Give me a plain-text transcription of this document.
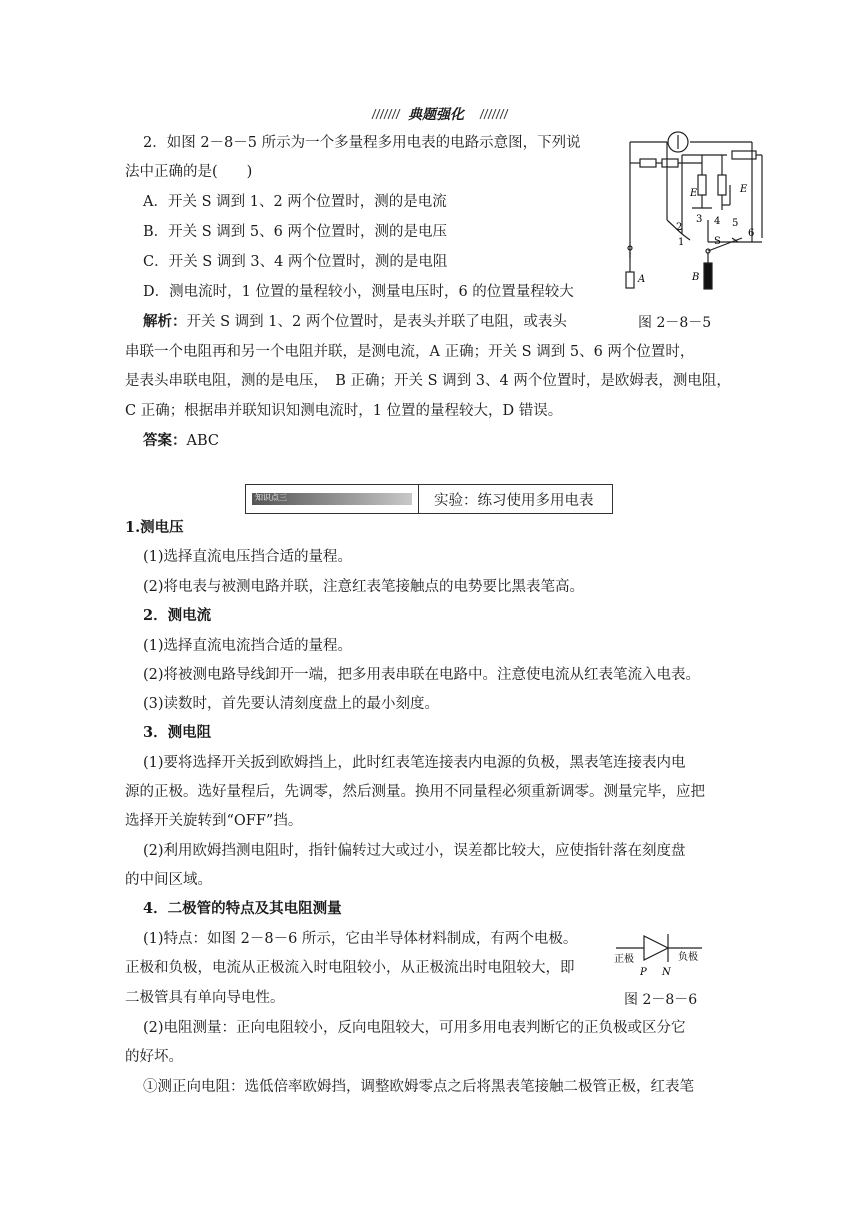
典题强化
2．如图 2－8－5 所示为一个多量程多用电表的电路示意图，下列说
法中正确的是(　　)
A．开关 S 调到 1、2 两个位置时，测的是电流
B．开关 S 调到 5、6 两个位置时，测的是电压
C．开关 S 调到 3、4 两个位置时，测的是电阻
D．测电流时，1 位置的量程较小，测量电压时，6 的位置量程较大
解析：开关 S 调到 1、2 两个位置时，是表头并联了电阻，或表头
串联一个电阻再和另一个电阻并联，是测电流，A 正确；开关 S 调到 5、6 两个位置时，
是表头串联电阻，测的是电压，　B 正确；开关 S 调到 3、4 两个位置时，是欧姆表，测电阻，
C 正确；根据串并联知识知测电流时，1 位置的量程较大，D 错误。
答案：ABC
E	E
1
2
3 4 5
6
S
A	B
图 2－8－5
知识点三	实验：练习使用多用电表
1.测电压
(1)选择直流电压挡合适的量程。
(2)将电表与被测电路并联，注意红表笔接触点的电势要比黑表笔高。
2．测电流
(1)选择直流电流挡合适的量程。
(2)将被测电路导线卸开一端，把多用表串联在电路中。注意使电流从红表笔流入电表。
(3)读数时，首先要认清刻度盘上的最小刻度。
3．测电阻
(1)要将选择开关扳到欧姆挡上，此时红表笔连接表内电源的负极，黑表笔连接表内电
源的正极。选好量程后，先调零，然后测量。换用不同量程必须重新调零。测量完毕，应把
选择开关旋转到“OFF”挡。
(2)利用欧姆挡测电阻时，指针偏转过大或过小，误差都比较大，应使指针落在刻度盘
的中间区域。
4．二极管的特点及其电阻测量
(1)特点：如图 2－8－6 所示，它由半导体材料制成，有两个电极。
正极和负极，电流从正极流入时电阻较小，从正极流出时电阻较大，即
二极管具有单向导电性。
(2)电阻测量：正向电阻较小，反向电阻较大，可用多用电表判断它的正负极或区分它
的好坏。
①测正向电阻：选低倍率欧姆挡，调整欧姆零点之后将黑表笔接触二极管正极，红表笔
正极	负极
P N
图 2－8－6
